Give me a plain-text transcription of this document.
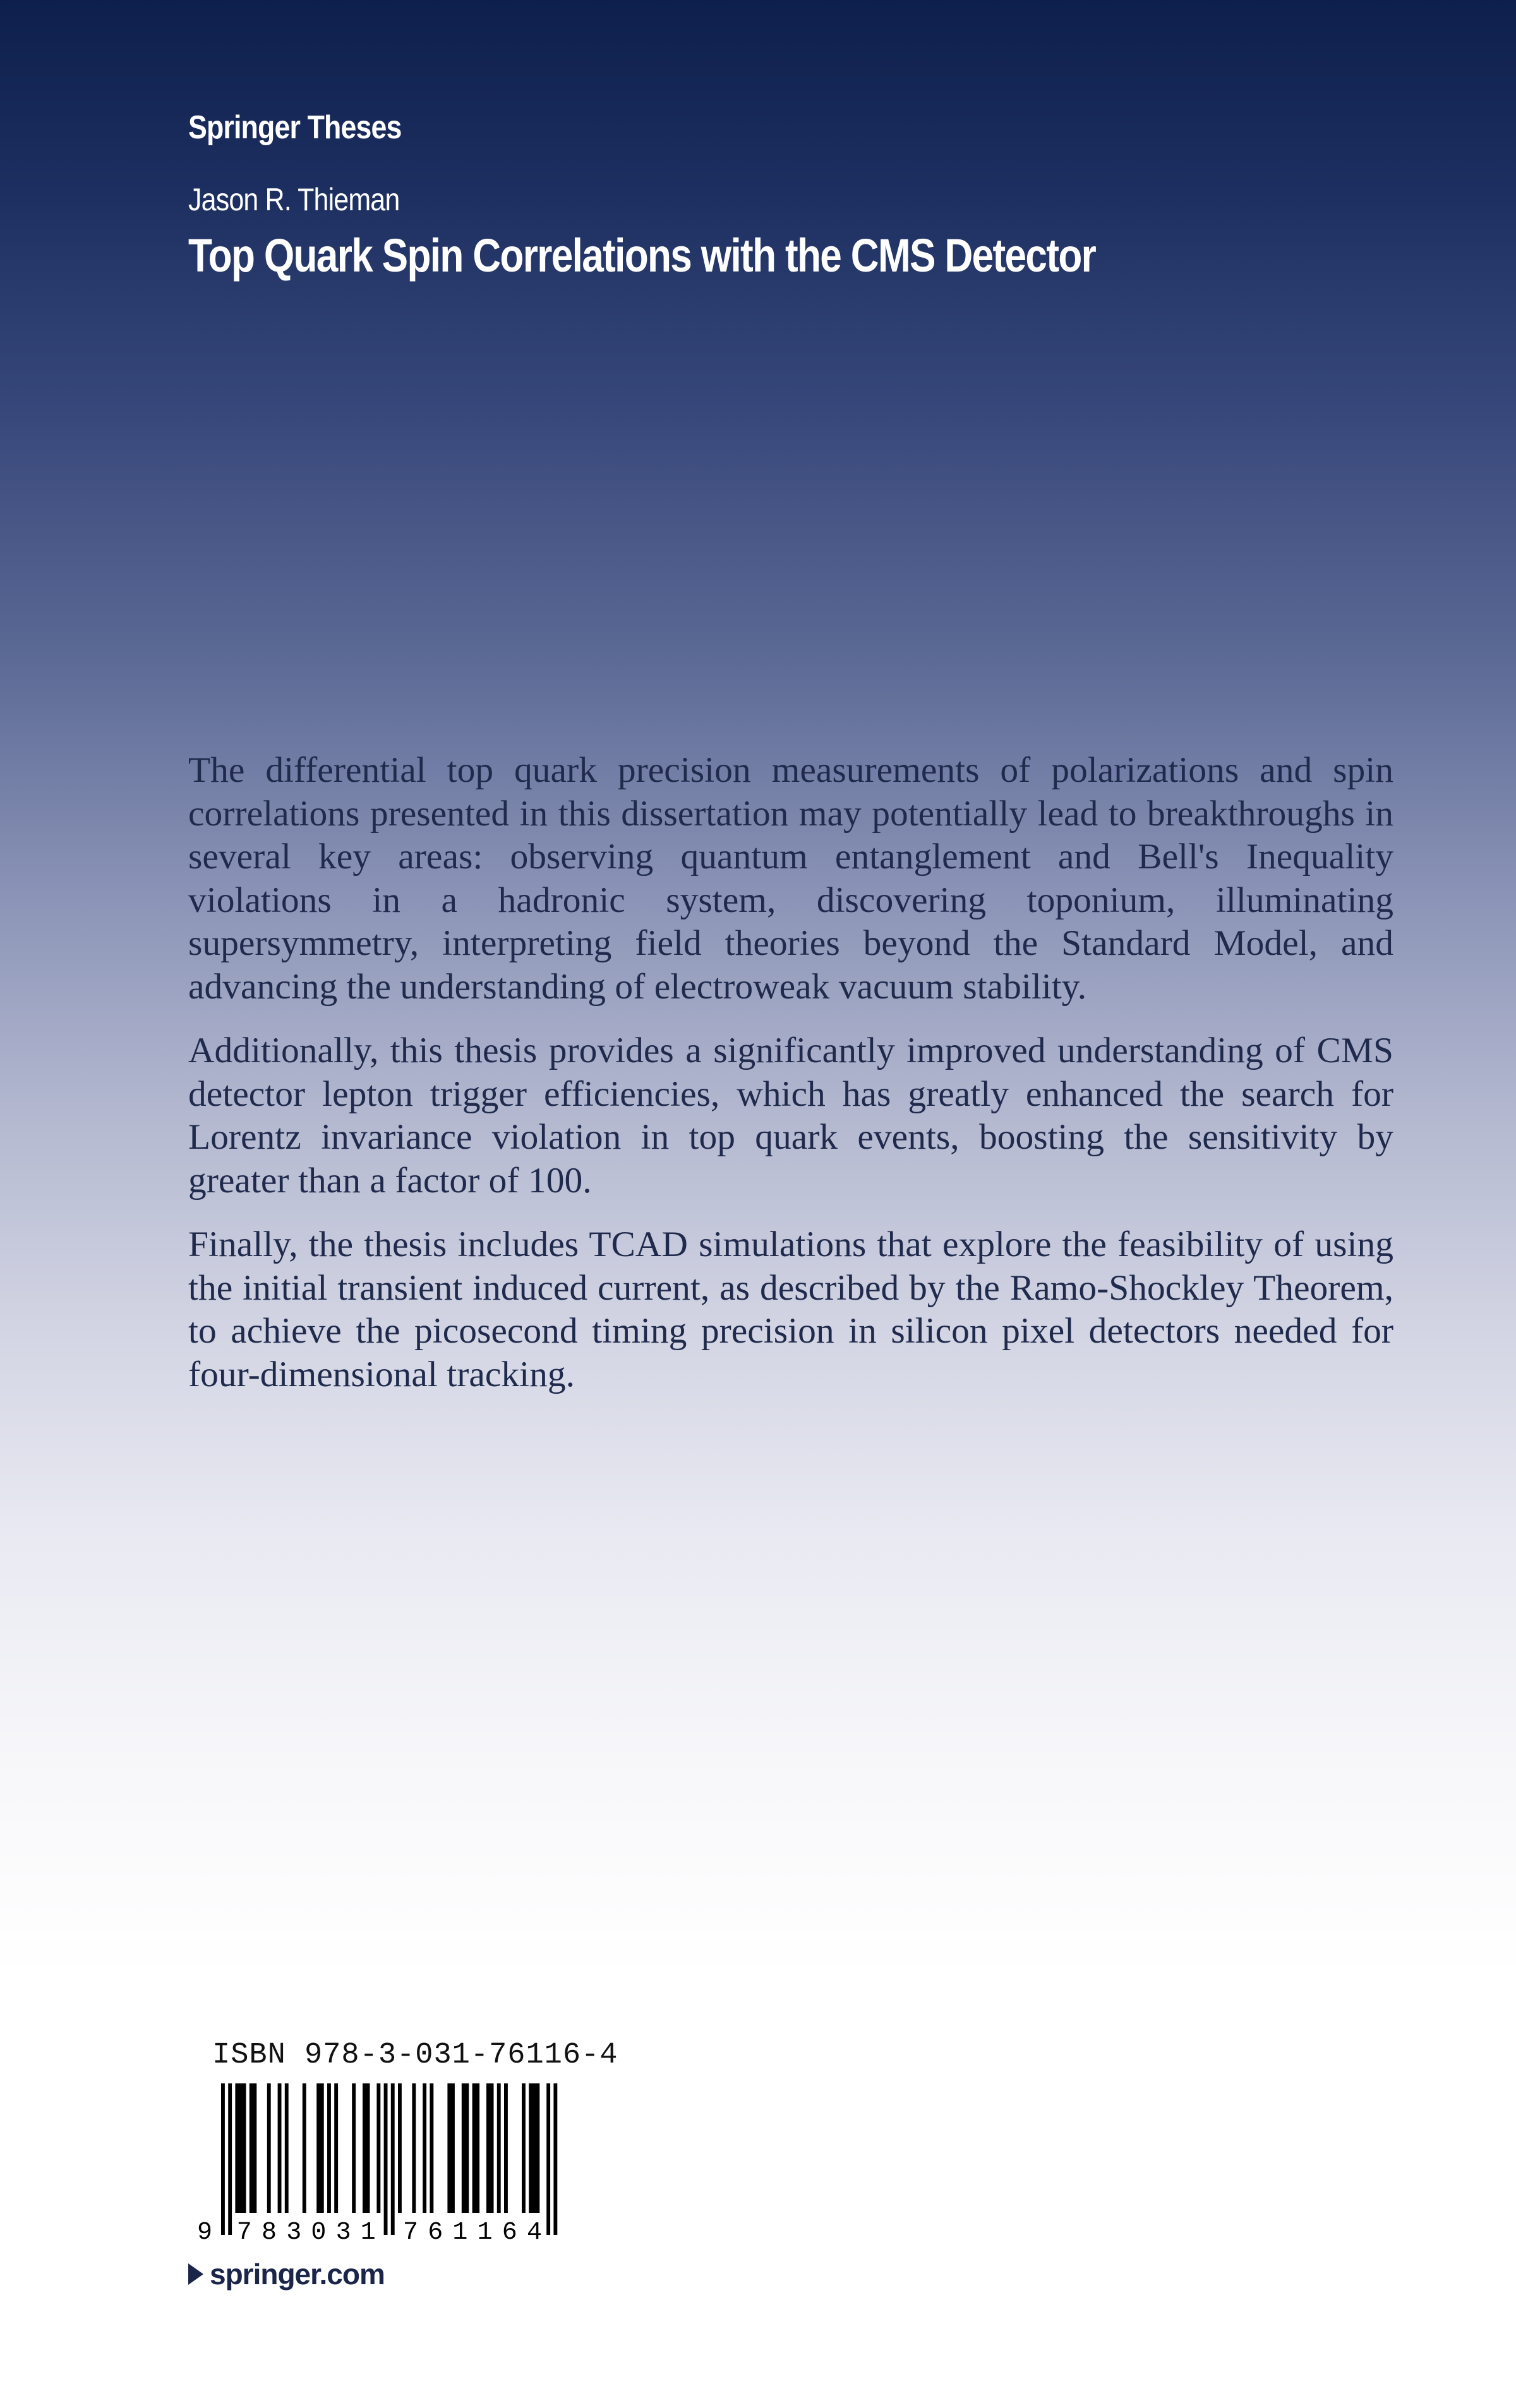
Springer Theses
Jason R. Thieman
Top Quark Spin Correlations with the CMS Detector

The differential top quark precision measurements of polarizations and spin correlations presented in this dissertation may potentially lead to breakthroughs in several key areas: observing quantum entanglement and Bell's Inequality violations in a hadronic system, discovering toponium, illuminating supersymmetry, interpreting field theories beyond the Standard Model, and advancing the understanding of electroweak vacuum stability.

Additionally, this thesis provides a significantly improved understanding of CMS detector lepton trigger efficiencies, which has greatly enhanced the search for Lorentz invariance violation in top quark events, boosting the sensitivity by greater than a factor of 100.

Finally, the thesis includes TCAD simulations that explore the feasibility of using the initial transient induced current, as described by the Ramo-Shockley Theorem, to achieve the picosecond timing precision in silicon pixel detectors needed for four-dimensional tracking.

ISBN 978-3-031-76116-4
9 7 8 3 0 3 1 7 6 1 1 6 4
springer.com
